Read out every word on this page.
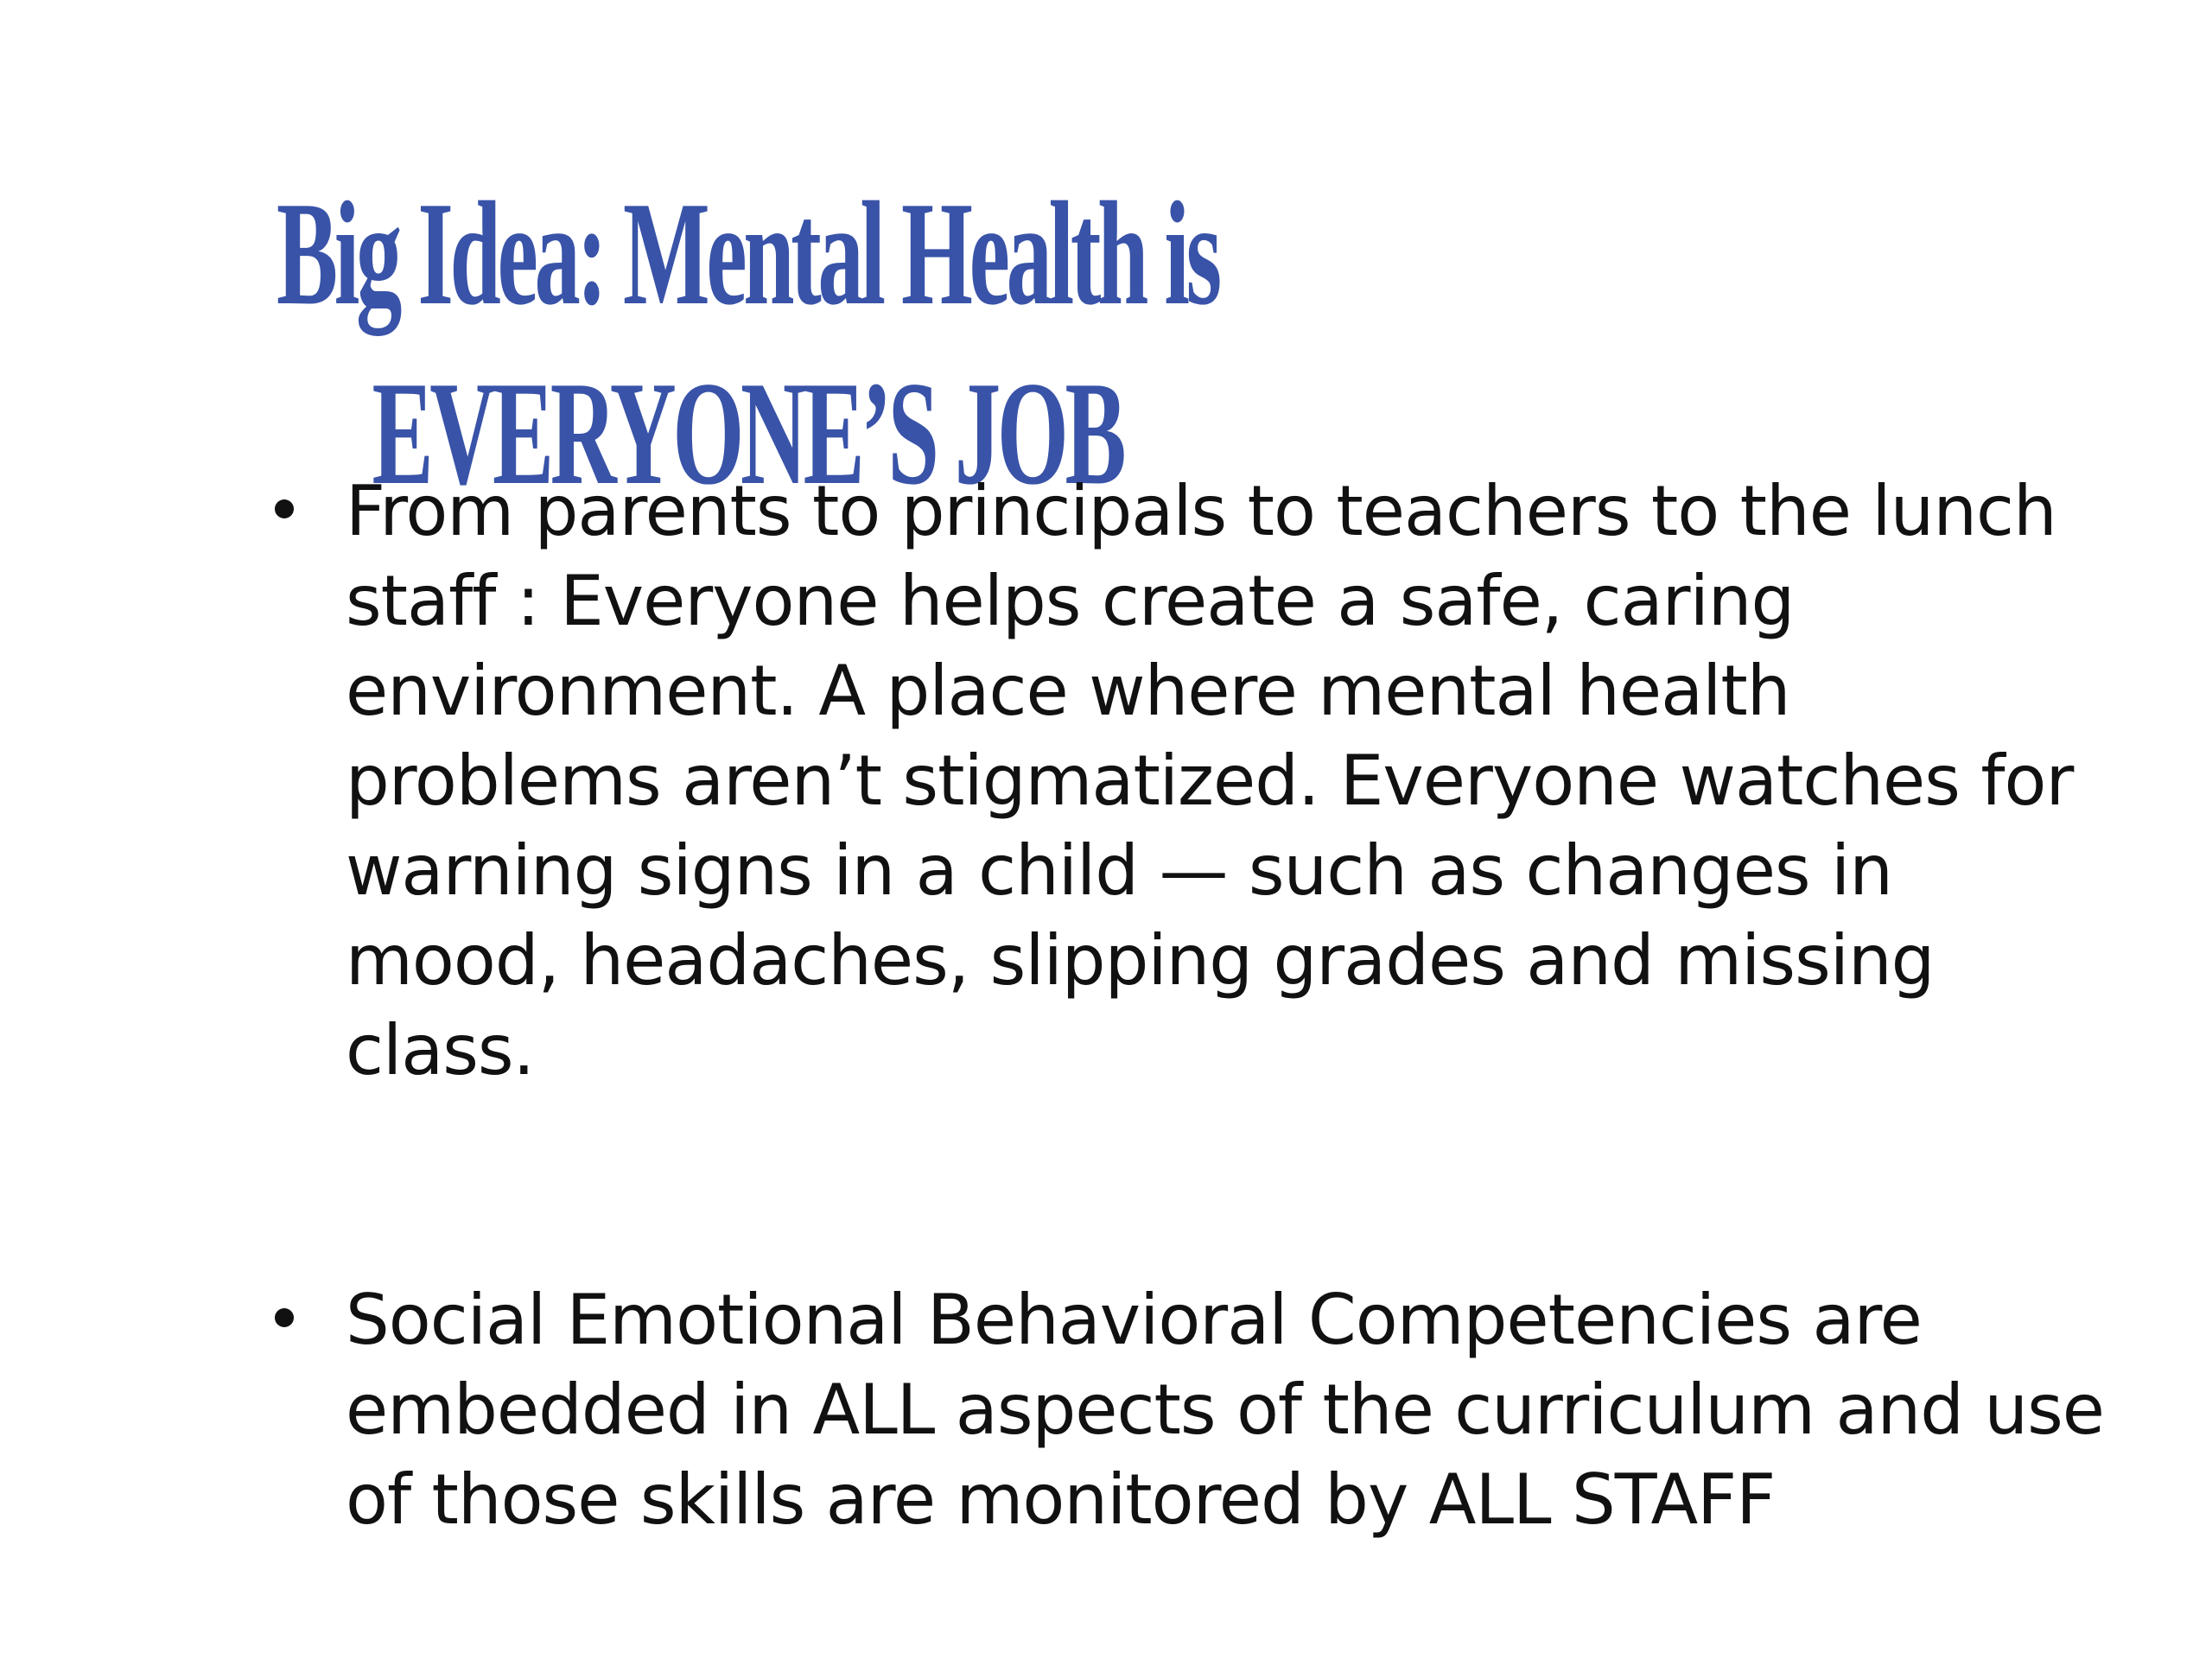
Big Idea: Mental Health is
EVERYONE’S JOB
From parents to principals to teachers to the lunch staff : Everyone helps create a safe, caring environment. A place where mental health problems aren’t stigmatized. Everyone watches for warning signs in a child — such as changes in mood, headaches, slipping grades and missing class.
Social Emotional Behavioral Competencies are embedded in ALL aspects of the curriculum and use of those skills are monitored by ALL STAFF
